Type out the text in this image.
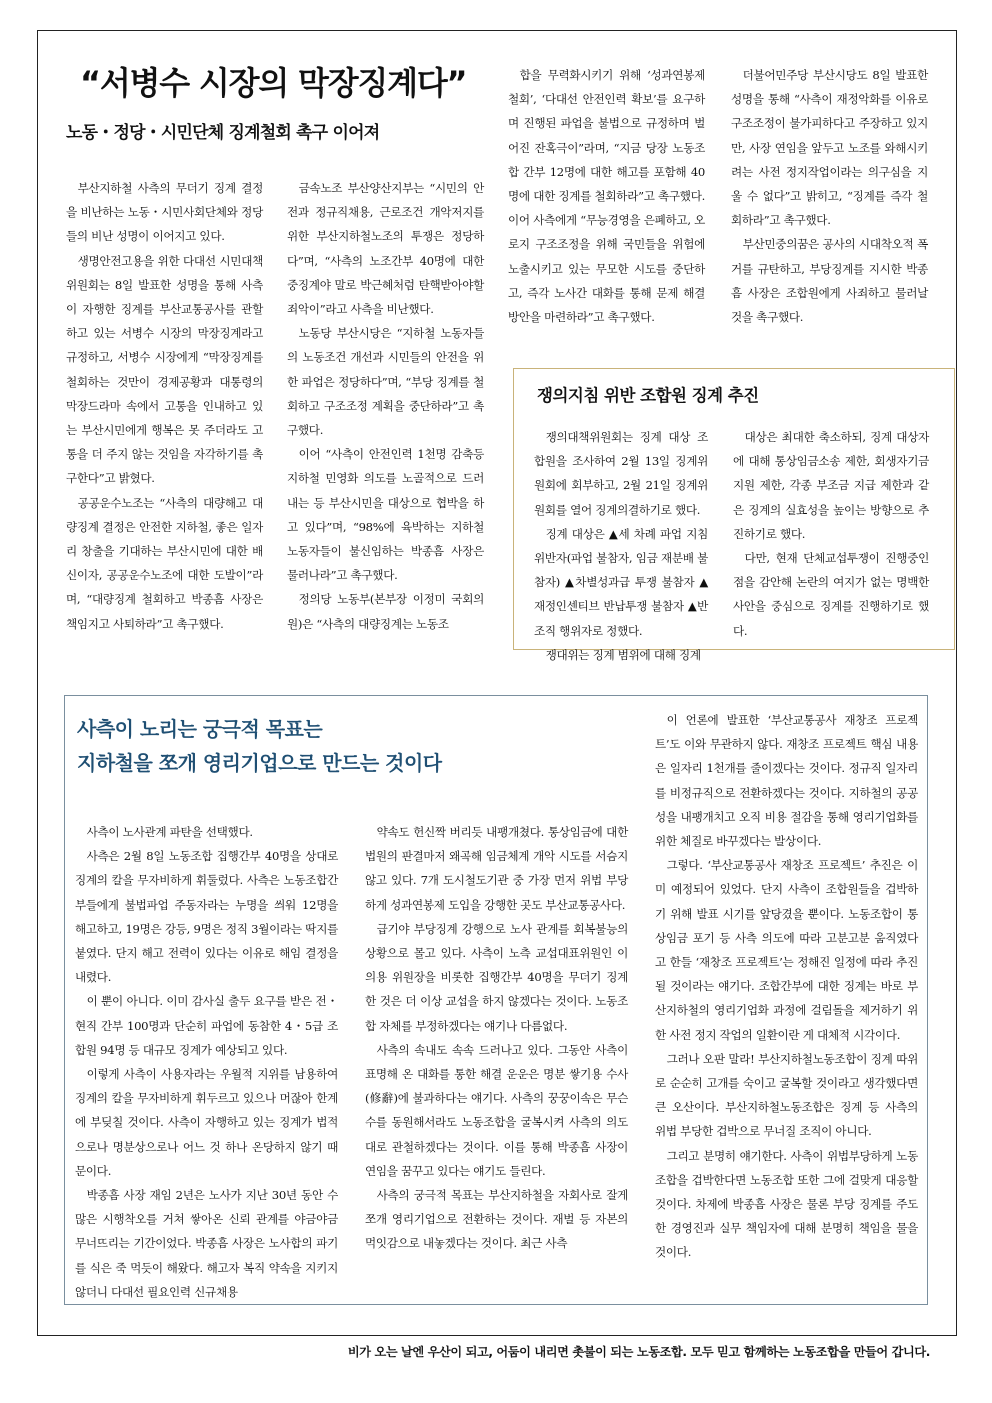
“서병수 시장의 막장징계다”
노동・정당・시민단체 징계철회 촉구 이어져

부산지하철 사측의 무더기 징계 결정을 비난하는 노동・시민사회단체와 정당들의 비난 성명이 이어지고 있다.

생명안전고용을 위한 다대선 시민대책위원회는 8일 발표한 성명을 통해 사측이 자행한 징계를 부산교통공사를 관할하고 있는 서병수 시장의 막장징계라고 규정하고, 서병수 시장에게 “막장징계를 철회하는 것만이 경제공황과 대통령의 막장드라마 속에서 고통을 인내하고 있는 부산시민에게 행복은 못 주더라도 고통을 더 주지 않는 것임을 자각하기를 촉구한다”고 밝혔다.

공공운수노조는 “사측의 대량해고 대량징계 결정은 안전한 지하철, 좋은 일자리 창출을 기대하는 부산시민에 대한 배신이자, 공공운수노조에 대한 도발이”라며, “대량징계 철회하고 박종흠 사장은 책임지고 사퇴하라”고 촉구했다.

금속노조 부산양산지부는 “시민의 안전과 정규직채용, 근로조건 개악저지를 위한 부산지하철노조의 투쟁은 정당하다”며, “사측의 노조간부 40명에 대한 중징계야 말로 박근혜처럼 탄핵받아야할 죄악이”라고 사측을 비난했다.

노동당 부산시당은 “지하철 노동자들의 노동조건 개선과 시민들의 안전을 위한 파업은 정당하다”며, “부당 징계를 철회하고 구조조정 계획을 중단하라”고 촉구했다.

이어 “사측이 안전인력 1천명 감축등 지하철 민영화 의도를 노골적으로 드러내는 등 부산시민을 대상으로 협박을 하고 있다”며, “98%에 육박하는 지하철 노동자들이 불신임하는 박종흠 사장은 물러나라”고 촉구했다.

정의당 노동부(본부장 이정미 국회의원)은 “사측의 대량징계는 노동조

합을 무력화시키기 위해 ‘성과연봉제 철회’, ‘다대선 안전인력 확보’를 요구하며 진행된 파업을 불법으로 규정하며 벌어진 잔혹극이”라며, “지금 당장 노동조합 간부 12명에 대한 해고를 포함해 40명에 대한 징계를 철회하라”고 촉구했다. 이어 사측에게 “무능경영을 은폐하고, 오로지 구조조정을 위해 국민들을 위험에 노출시키고 있는 무모한 시도를 중단하고, 즉각 노사간 대화를 통해 문제 해결 방안을 마련하라”고 촉구했다.

더불어민주당 부산시당도 8일 발표한 성명을 통해 “사측이 재정악화를 이유로 구조조정이 불가피하다고 주장하고 있지만, 사장 연임을 앞두고 노조를 와해시키려는 사전 정지작업이라는 의구심을 지울 수 없다”고 밝히고, “징계를 즉각 철회하라”고 촉구했다.

부산민중의꿈은 공사의 시대착오적 폭거를 규탄하고, 부당징계를 지시한 박종흠 사장은 조합원에게 사죄하고 물러날 것을 촉구했다.

쟁의지침 위반 조합원 징계 추진

쟁의대책위원회는 징계 대상 조합원을 조사하여 2월 13일 징계위원회에 회부하고, 2월 21일 징계위원회를 열어 징계의결하기로 했다.

징계 대상은 ▲세 차례 파업 지침 위반자(파업 불참자, 임금 재분배 불참자) ▲차별성과급 투쟁 불참자 ▲재정인센티브 반납투쟁 불참자 ▲반조직 행위자로 정했다.

쟁대위는 징계 범위에 대해 징계

대상은 최대한 축소하되, 징계 대상자에 대해 통상임금소송 제한, 회생자기금 지원 제한, 각종 부조금 지급 제한과 같은 징계의 실효성을 높이는 방향으로 추진하기로 했다.

다만, 현재 단체교섭투쟁이 진행중인 점을 감안해 논란의 여지가 없는 명백한 사안을 중심으로 징계를 진행하기로 했다.

사측이 노리는 궁극적 목표는
지하철을 쪼개 영리기업으로 만드는 것이다

사측이 노사관계 파탄을 선택했다.

사측은 2월 8일 노동조합 집행간부 40명을 상대로 징계의 칼을 무자비하게 휘둘렀다. 사측은 노동조합간부들에게 불법파업 주동자라는 누명을 씌워 12명을 해고하고, 19명은 강등, 9명은 정직 3월이라는 딱지를 붙였다. 단지 해고 전력이 있다는 이유로 해임 결정을 내렸다.

이 뿐이 아니다. 이미 감사실 출두 요구를 받은 전・현직 간부 100명과 단순히 파업에 동참한 4・5급 조합원 94명 등 대규모 징계가 예상되고 있다.

이렇게 사측이 사용자라는 우월적 지위를 남용하여 징계의 칼을 무자비하게 휘두르고 있으나 머잖아 한계에 부딪칠 것이다. 사측이 자행하고 있는 징계가 법적으로나 명분상으로나 어느 것 하나 온당하지 않기 때문이다.

박종흠 사장 재임 2년은 노사가 지난 30년 동안 수많은 시행착오를 거쳐 쌓아온 신뢰 관계를 야금야금 무너뜨리는 기간이었다. 박종흠 사장은 노사합의 파기를 식은 죽 먹듯이 해왔다. 해고자 복직 약속을 지키지 않더니 다대선 필요인력 신규채용

약속도 헌신짝 버리듯 내팽개쳤다. 통상임금에 대한 법원의 판결마저 왜곡해 임금체계 개악 시도를 서슴지 않고 있다. 7개 도시철도기관 중 가장 먼저 위법 부당하게 성과연봉제 도입을 강행한 곳도 부산교통공사다.

급기야 부당징계 강행으로 노사 관계를 회복불능의 상황으로 몰고 있다. 사측이 노측 교섭대표위원인 이의용 위원장을 비롯한 집행간부 40명을 무더기 징계한 것은 더 이상 교섭을 하지 않겠다는 것이다. 노동조합 자체를 부정하겠다는 얘기나 다름없다.

사측의 속내도 속속 드러나고 있다. 그동안 사측이 표명해 온 대화를 통한 해결 운운은 명분 쌓기용 수사(修辭)에 불과하다는 얘기다. 사측의 꿍꿍이속은 무슨 수를 동원해서라도 노동조합을 굴복시켜 사측의 의도대로 관철하겠다는 것이다. 이를 통해 박종흠 사장이 연임을 꿈꾸고 있다는 얘기도 들린다.

사측의 궁극적 목표는 부산지하철을 자회사로 잘게 쪼개 영리기업으로 전환하는 것이다. 재벌 등 자본의 먹잇감으로 내놓겠다는 것이다. 최근 사측

이 언론에 발표한 ‘부산교통공사 재창조 프로젝트’도 이와 무관하지 않다. 재창조 프로젝트 핵심 내용은 일자리 1천개를 줄이겠다는 것이다. 정규직 일자리를 비정규직으로 전환하겠다는 것이다. 지하철의 공공성을 내팽개치고 오직 비용 절감을 통해 영리기업화를 위한 체질로 바꾸겠다는 발상이다.

그렇다. ‘부산교통공사 재창조 프로젝트’ 추진은 이미 예정되어 있었다. 단지 사측이 조합원들을 겁박하기 위해 발표 시기를 앞당겼을 뿐이다. 노동조합이 통상임금 포기 등 사측 의도에 따라 고분고분 움직였다고 한들 ‘재창조 프로젝트’는 정해진 일정에 따라 추진될 것이라는 얘기다. 조합간부에 대한 징계는 바로 부산지하철의 영리기업화 과정에 걸림돌을 제거하기 위한 사전 정지 작업의 일환이란 게 대체적 시각이다.

그러나 오판 말라! 부산지하철노동조합이 징계 따위로 순순히 고개를 숙이고 굴복할 것이라고 생각했다면 큰 오산이다. 부산지하철노동조합은 징계 등 사측의 위법 부당한 겁박으로 무너질 조직이 아니다.

그리고 분명히 얘기한다. 사측이 위법부당하게 노동조합을 겁박한다면 노동조합 또한 그에 걸맞게 대응할 것이다. 차제에 박종흠 사장은 물론 부당 징계를 주도한 경영진과 실무 책임자에 대해 분명히 책임을 물을 것이다.

비가 오는 날엔 우산이 되고, 어둠이 내리면 촛불이 되는 노동조합. 모두 믿고 함께하는 노동조합을 만들어 갑니다.
